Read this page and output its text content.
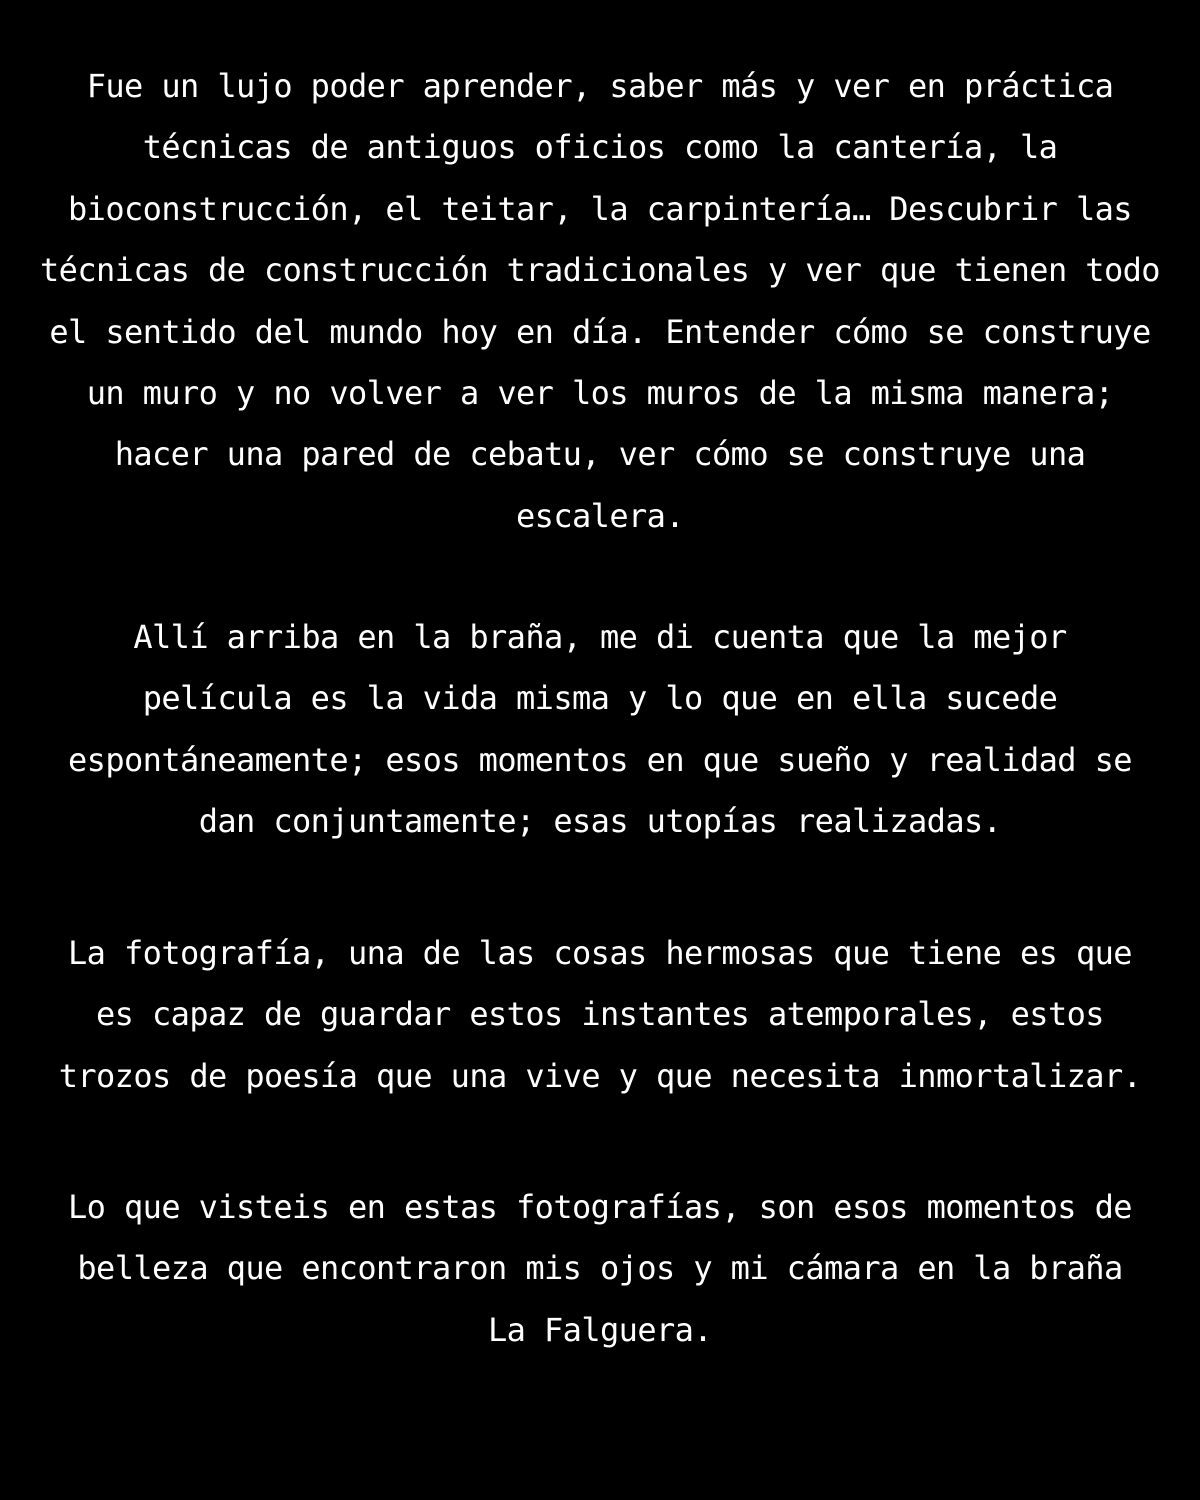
Fue un lujo poder aprender, saber más y ver en práctica
técnicas de antiguos oficios como la cantería, la
bioconstrucción, el teitar, la carpintería… Descubrir las
técnicas de construcción tradicionales y ver que tienen todo
el sentido del mundo hoy en día. Entender cómo se construye
un muro y no volver a ver los muros de la misma manera;
hacer una pared de cebatu, ver cómo se construye una
escalera.
Allí arriba en la braña, me di cuenta que la mejor
película es la vida misma y lo que en ella sucede
espontáneamente; esos momentos en que sueño y realidad se
dan conjuntamente; esas utopías realizadas.
La fotografía, una de las cosas hermosas que tiene es que
es capaz de guardar estos instantes atemporales, estos
trozos de poesía que una vive y que necesita inmortalizar.
Lo que visteis en estas fotografías, son esos momentos de
belleza que encontraron mis ojos y mi cámara en la braña
La Falguera.
